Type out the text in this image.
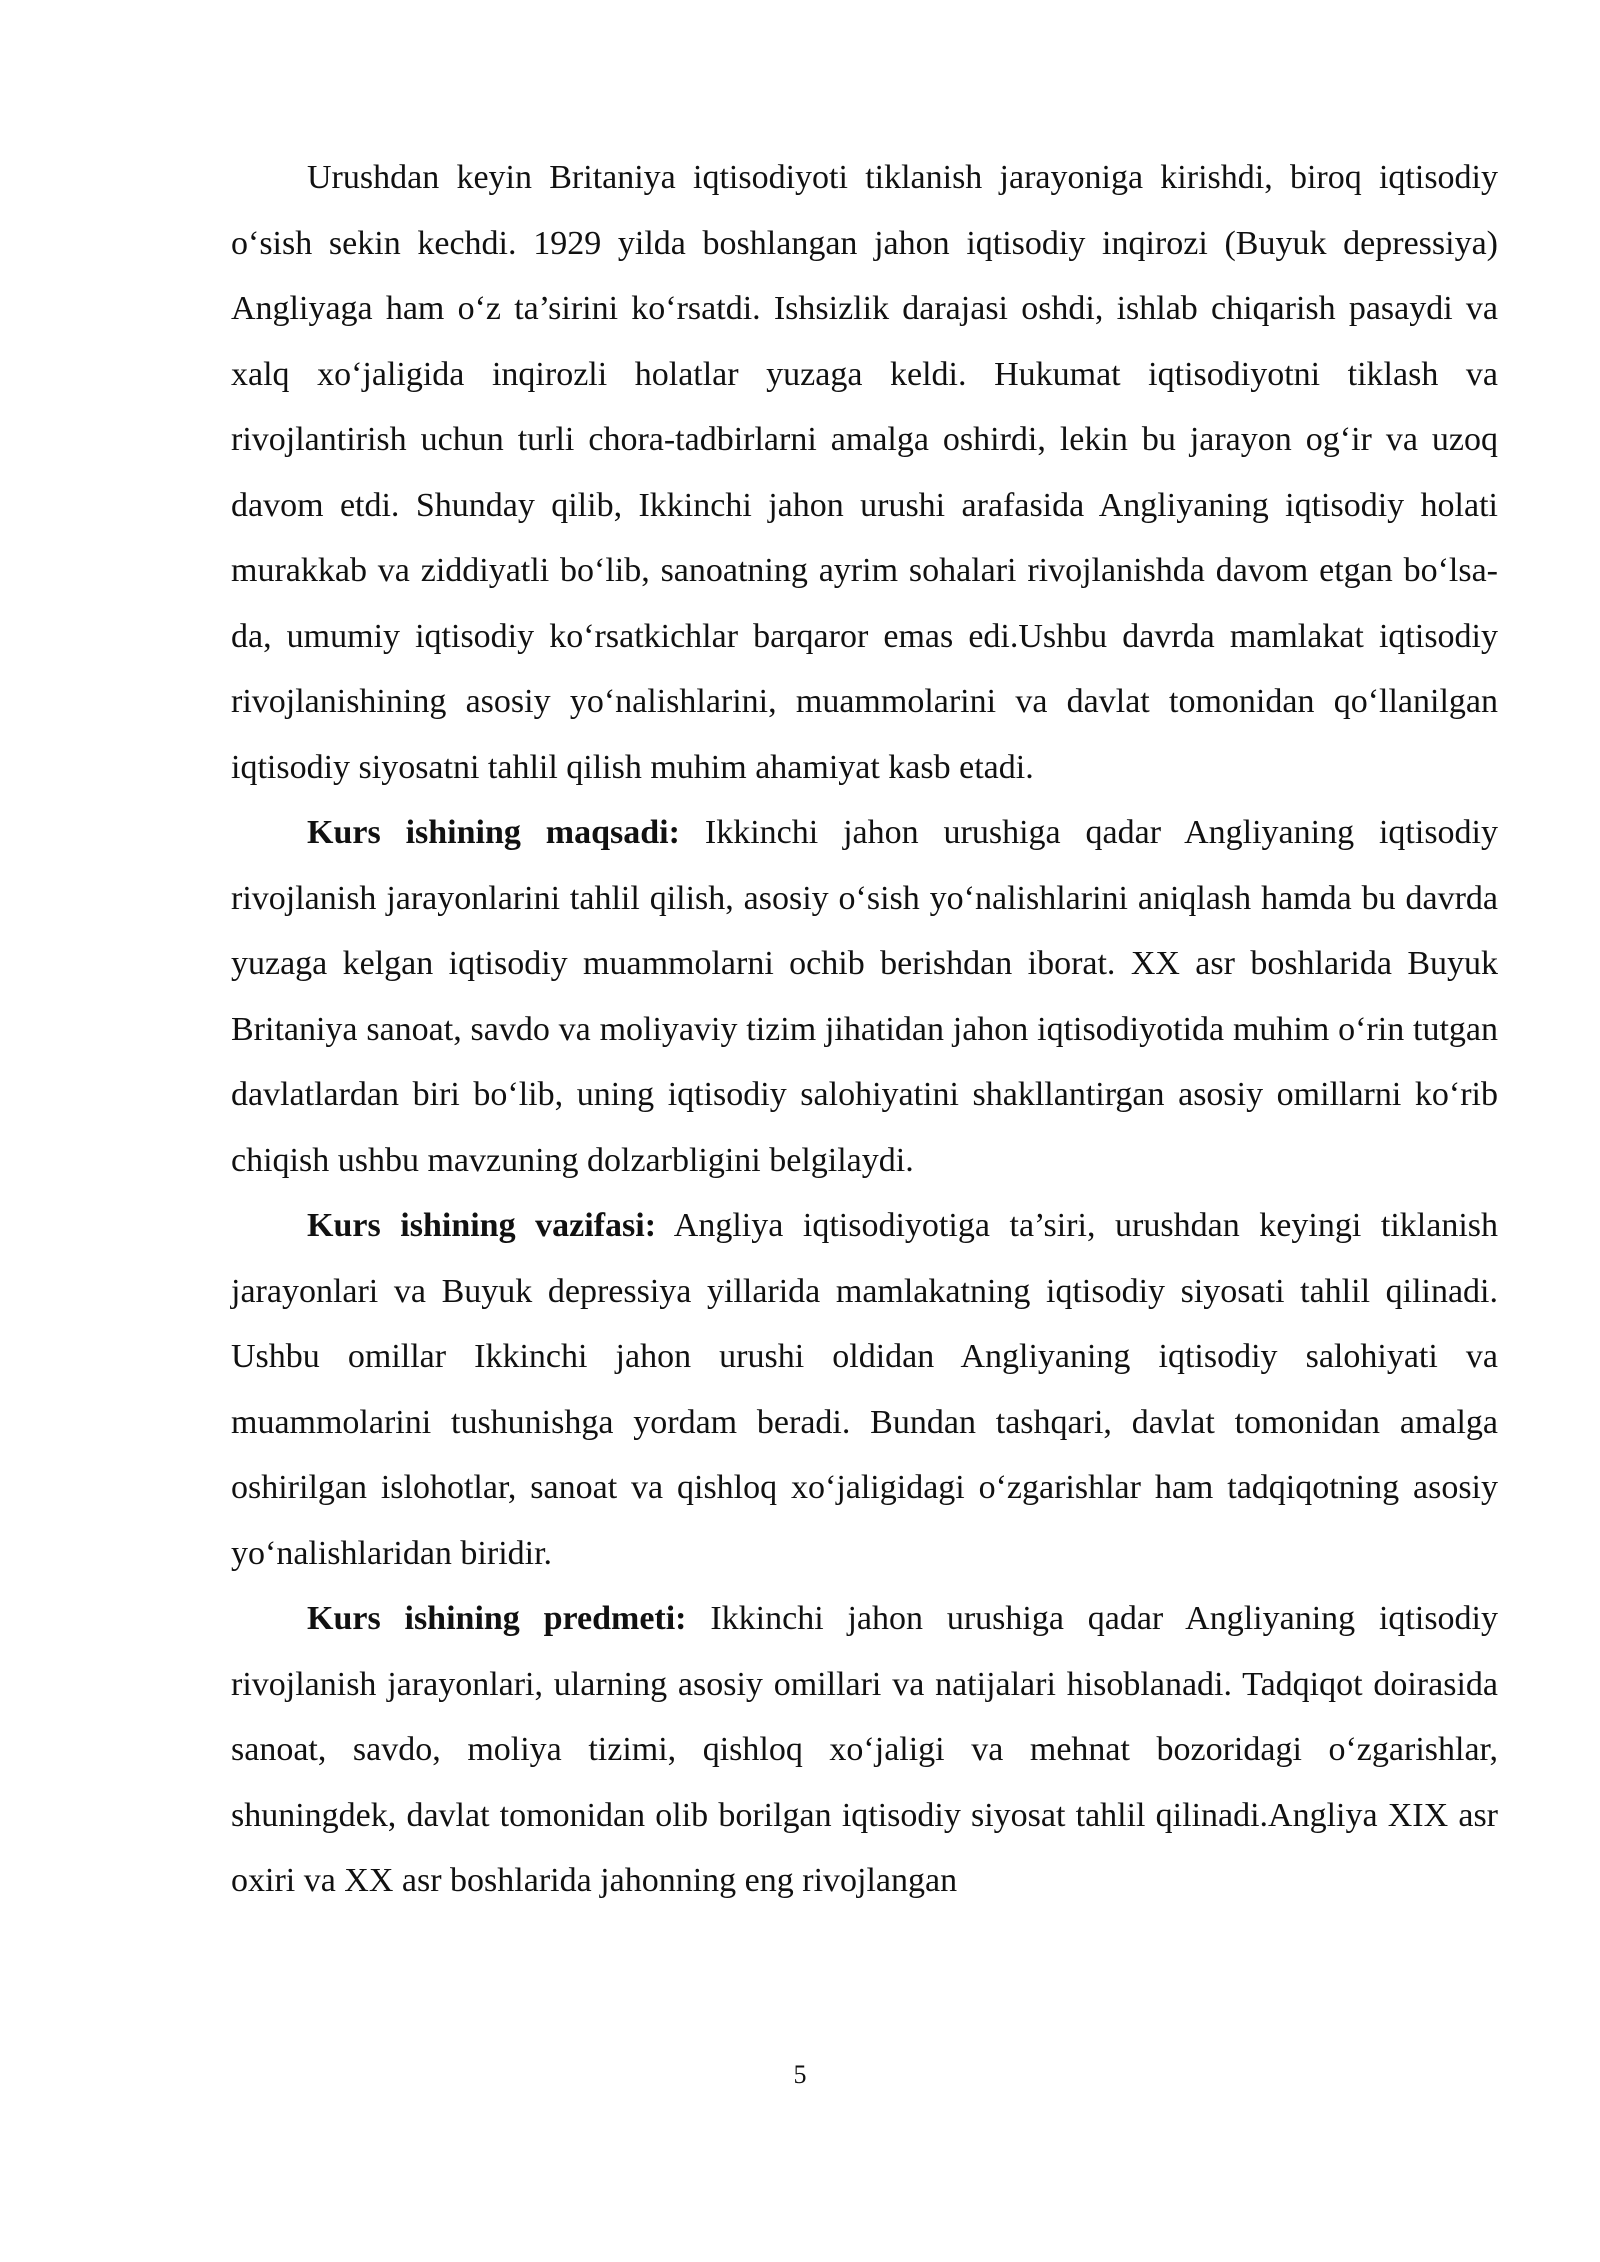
Urushdan keyin Britaniya iqtisodiyoti tiklanish jarayoniga kirishdi, biroq iqtisodiy o‘sish sekin kechdi. 1929 yilda boshlangan jahon iqtisodiy inqirozi (Buyuk depressiya) Angliyaga ham o‘z ta’sirini ko‘rsatdi. Ishsizlik darajasi oshdi, ishlab chiqarish pasaydi va xalq xo‘jaligida inqirozli holatlar yuzaga keldi. Hukumat iqtisodiyotni tiklash va rivojlantirish uchun turli chora-tadbirlarni amalga oshirdi, lekin bu jarayon og‘ir va uzoq davom etdi. Shunday qilib, Ikkinchi jahon urushi arafasida Angliyaning iqtisodiy holati murakkab va ziddiyatli bo‘lib, sanoatning ayrim sohalari rivojlanishda davom etgan bo‘lsa-da, umumiy iqtisodiy ko‘rsatkichlar barqaror emas edi.Ushbu davrda mamlakat iqtisodiy rivojlanishining asosiy yo‘nalishlarini, muammolarini va davlat tomonidan qo‘llanilgan iqtisodiy siyosatni tahlil qilish muhim ahamiyat kasb etadi.

Kurs ishining maqsadi: Ikkinchi jahon urushiga qadar Angliyaning iqtisodiy rivojlanish jarayonlarini tahlil qilish, asosiy o‘sish yo‘nalishlarini aniqlash hamda bu davrda yuzaga kelgan iqtisodiy muammolarni ochib berishdan iborat. XX asr boshlarida Buyuk Britaniya sanoat, savdo va moliyaviy tizim jihatidan jahon iqtisodiyotida muhim o‘rin tutgan davlatlardan biri bo‘lib, uning iqtisodiy salohiyatini shakllantirgan asosiy omillarni ko‘rib chiqish ushbu mavzuning dolzarbligini belgilaydi.

Kurs ishining vazifasi: Angliya iqtisodiyotiga ta’siri, urushdan keyingi tiklanish jarayonlari va Buyuk depressiya yillarida mamlakatning iqtisodiy siyosati tahlil qilinadi. Ushbu omillar Ikkinchi jahon urushi oldidan Angliyaning iqtisodiy salohiyati va muammolarini tushunishga yordam beradi. Bundan tashqari, davlat tomonidan amalga oshirilgan islohotlar, sanoat va qishloq xo‘jaligidagi o‘zgarishlar ham tadqiqotning asosiy yo‘nalishlaridan biridir.

Kurs ishining predmeti: Ikkinchi jahon urushiga qadar Angliyaning iqtisodiy rivojlanish jarayonlari, ularning asosiy omillari va natijalari hisoblanadi. Tadqiqot doirasida sanoat, savdo, moliya tizimi, qishloq xo‘jaligi va mehnat bozoridagi o‘zgarishlar, shuningdek, davlat tomonidan olib borilgan iqtisodiy siyosat tahlil qilinadi.Angliya XIX asr oxiri va XX asr boshlarida jahonning eng rivojlangan

5
